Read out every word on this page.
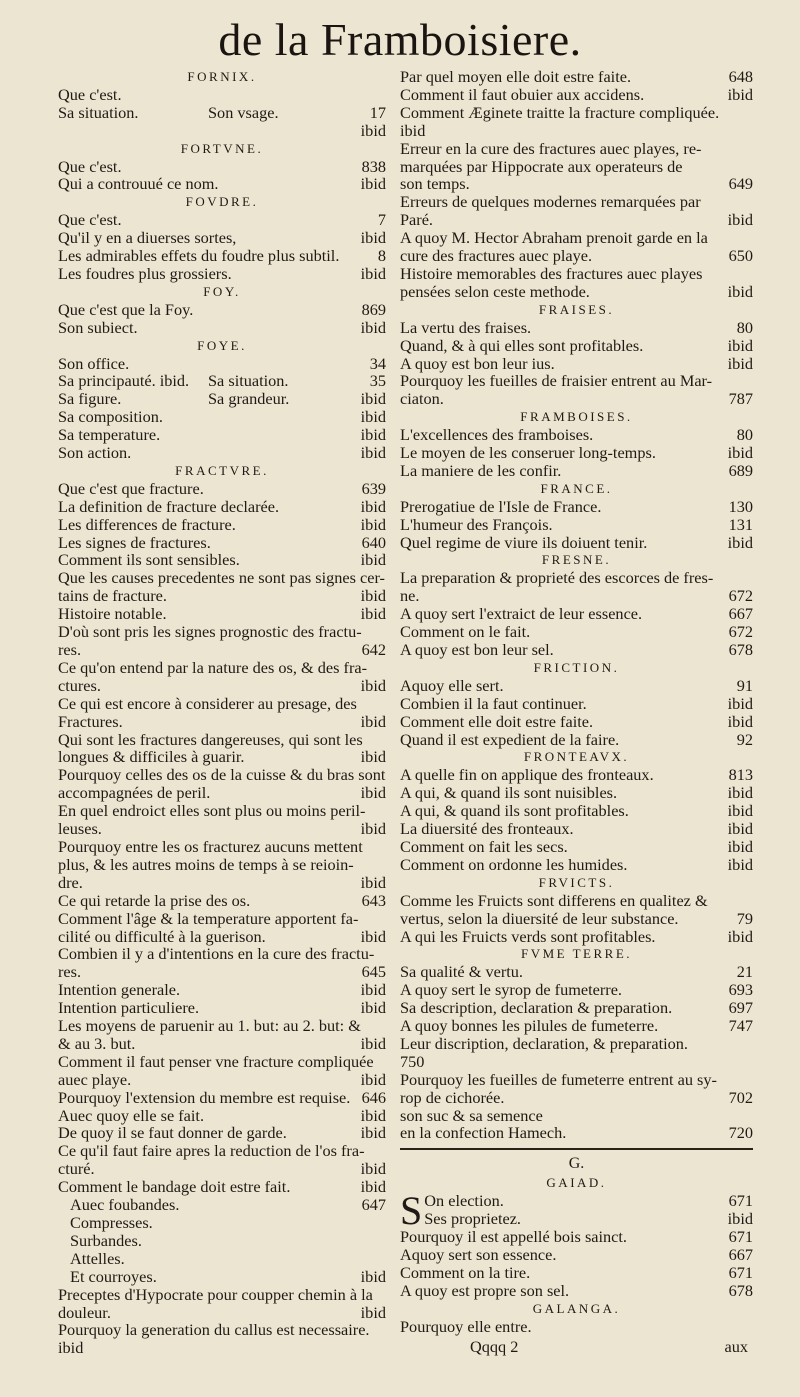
de la Framboisiere.
FORNIX.
Que c'est.
Sa situation.	Son vsage.	17
ibid
FORTVNE.
Que c'est.	838
Qui a controuué ce nom.	ibid
FOVDRE.
Que c'est.	7
Qu'il y en a diuerses sortes,	ibid
Les admirables effets du foudre plus subtil.	8
Les foudres plus grossiers.	ibid
FOY.
Que c'est que la Foy.	869
Son subiect.	ibid
FOYE.
Son office.	34
Sa principauté. ibid.	Sa situation.	35
Sa figure.	Sa grandeur.	ibid
Sa composition.	ibid
Sa temperature.	ibid
Son action.	ibid
FRACTVRE.
Que c'est que fracture.	639
La definition de fracture declarée.	ibid
Les differences de fracture.	ibid
Les signes de fractures.	640
Comment ils sont sensibles.	ibid
Que les causes precedentes ne sont pas signes cer-
tains de fracture.	ibid
Histoire notable.	ibid
D'où sont pris les signes prognostic des fractu-
res.	642
Ce qu'on entend par la nature des os, & des fra-
ctures.	ibid
Ce qui est encore à considerer au presage, des
Fractures.	ibid
Qui sont les fractures dangereuses, qui sont les
longues & difficiles à guarir.	ibid
Pourquoy celles des os de la cuisse & du bras sont
accompagnées de peril.	ibid
En quel endroict elles sont plus ou moins peril-
leuses.	ibid
Pourquoy entre les os fracturez aucuns mettent
plus, & les autres moins de temps à se reioin-
dre.	ibid
Ce qui retarde la prise des os.	643
Comment l'âge & la temperature apportent fa-
cilité ou difficulté à la guerison.	ibid
Combien il y a d'intentions en la cure des fractu-
res.	645
Intention generale.	ibid
Intention particuliere.	ibid
Les moyens de paruenir au 1. but: au 2. but: &
& au 3. but.	ibid
Comment il faut penser vne fracture compliquée
auec playe.	ibid
Pourquoy l'extension du membre est requise. 646
Auec quoy elle se fait.	ibid
De quoy il se faut donner de garde.	ibid
Ce qu'il faut faire apres la reduction de l'os fra-
cturé.	ibid
Comment le bandage doit estre fait.	ibid
Auec foubandes.	647
Compresses.
Surbandes.
Attelles.
Et courroyes.	ibid
Preceptes d'Hypocrate pour coupper chemin à la
douleur.	ibid
Pourquoy la generation du callus est necessaire.
ibid
Par quel moyen elle doit estre faite.	648
Comment il faut obuier aux accidens.	ibid
Comment Æginete traitte la fracture compliquée.
ibid
Erreur en la cure des fractures auec playes, re-
marquées par Hippocrate aux operateurs de
son temps.	649
Erreurs de quelques modernes remarquées par
Paré.	ibid
A quoy M. Hector Abraham prenoit garde en la
cure des fractures auec playe.	650
Histoire memorables des fractures auec playes
pensées selon ceste methode.	ibid
FRAISES.
La vertu des fraises.	80
Quand, & à qui elles sont profitables.	ibid
A quoy est bon leur ius.	ibid
Pourquoy les fueilles de fraisier entrent au Mar-
ciaton.	787
FRAMBOISES.
L'excellences des framboises.	80
Le moyen de les conseruer long-temps.	ibid
La maniere de les confir.	689
FRANCE.
Prerogatiue de l'Isle de France.	130
L'humeur des François.	131
Quel regime de viure ils doiuent tenir.	ibid
FRESNE.
La preparation & proprieté des escorces de fres-
ne.	672
A quoy sert l'extraict de leur essence.	667
Comment on le fait.	672
A quoy est bon leur sel.	678
FRICTION.
Aquoy elle sert.	91
Combien il la faut continuer.	ibid
Comment elle doit estre faite.	ibid
Quand il est expedient de la faire.	92
FRONTEAVX.
A quelle fin on applique des fronteaux.	813
A qui, & quand ils sont nuisibles.	ibid
A qui, & quand ils sont profitables.	ibid
La diuersité des fronteaux.	ibid
Comment on fait les secs.	ibid
Comment on ordonne les humides.	ibid
FRVICTS.
Comme les Fruicts sont differens en qualitez &
vertus, selon la diuersité de leur substance.	79
A qui les Fruicts verds sont profitables.	ibid
FVME TERRE.
Sa qualité & vertu.	21
A quoy sert le syrop de fumeterre.	693
Sa description, declaration & preparation.	697
A quoy bonnes les pilules de fumeterre.	747
Leur discription, declaration, & preparation.
750
Pourquoy les fueilles de fumeterre entrent au sy-
rop de cichorée.	702
son suc & sa semence
en la confection Hamech.	720
G.
GAIAD.
S On election.	671
Ses proprietez.	ibid
Pourquoy il est appellé bois sainct.	671
Aquoy sert son essence.	667
Comment on la tire.	671
A quoy est propre son sel.	678
GALANGA.
Pourquoy elle entre.
Qqqq 2	aux
